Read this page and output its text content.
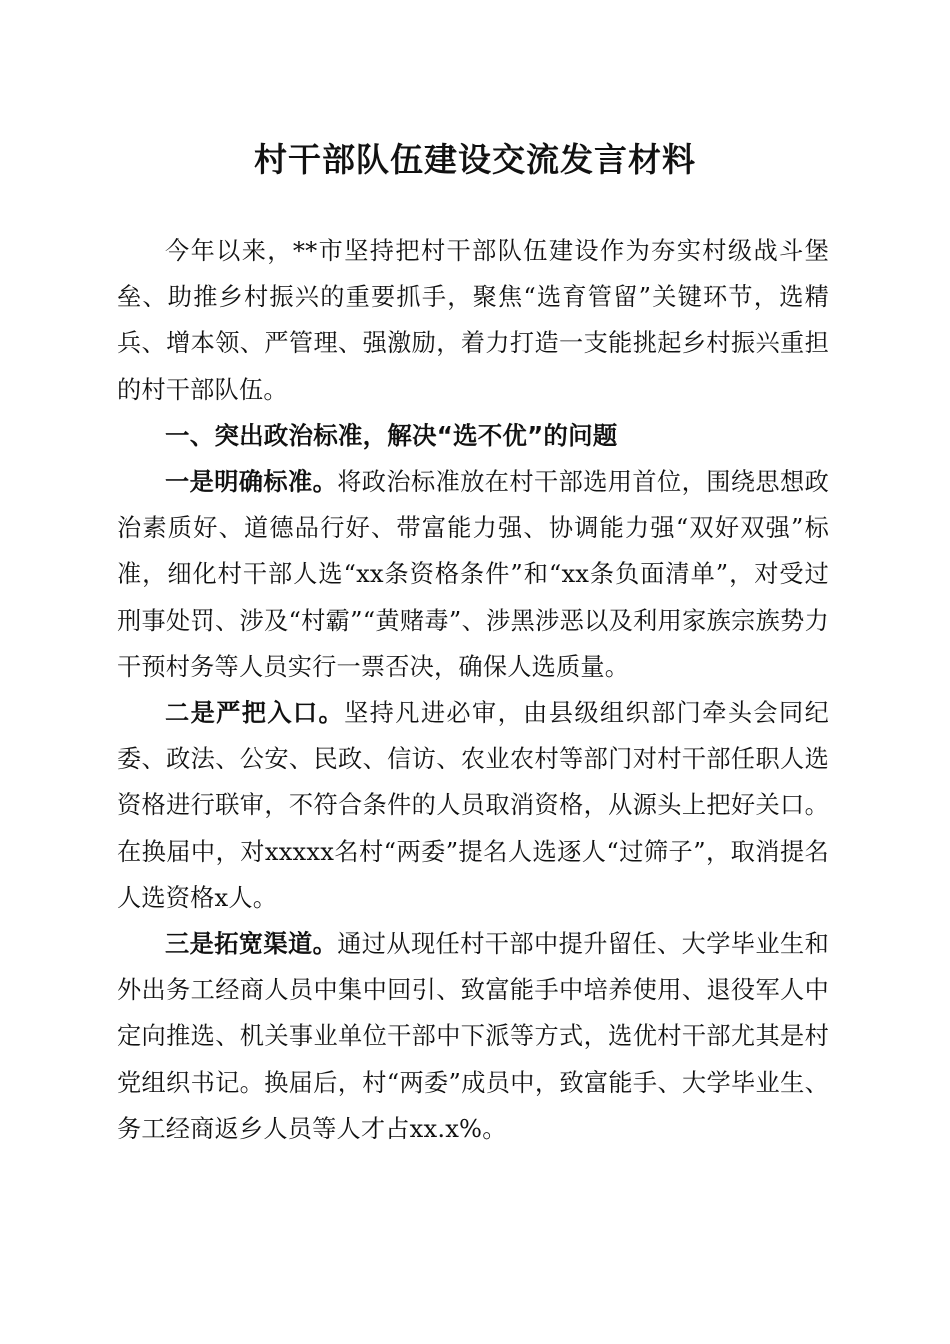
村干部队伍建设交流发言材料

今年以来，**市坚持把村干部队伍建设作为夯实村级战斗堡垒、助推乡村振兴的重要抓手，聚焦“选育管留”关键环节，选精兵、增本领、严管理、强激励，着力打造一支能挑起乡村振兴重担的村干部队伍。

一、突出政治标准，解决“选不优”的问题

一是明确标准。将政治标准放在村干部选用首位，围绕思想政治素质好、道德品行好、带富能力强、协调能力强“双好双强”标准，细化村干部人选“xx条资格条件”和“xx条负面清单”，对受过刑事处罚、涉及“村霸”“黄赌毒”、涉黑涉恶以及利用家族宗族势力干预村务等人员实行一票否决，确保人选质量。

二是严把入口。坚持凡进必审，由县级组织部门牵头会同纪委、政法、公安、民政、信访、农业农村等部门对村干部任职人选资格进行联审，不符合条件的人员取消资格，从源头上把好关口。在换届中，对xxxxx名村“两委”提名人选逐人“过筛子”，取消提名人选资格x人。

三是拓宽渠道。通过从现任村干部中提升留任、大学毕业生和外出务工经商人员中集中回引、致富能手中培养使用、退役军人中定向推选、机关事业单位干部中下派等方式，选优村干部尤其是村党组织书记。换届后，村“两委”成员中，致富能手、大学毕业生、务工经商返乡人员等人才占xx.x%。
